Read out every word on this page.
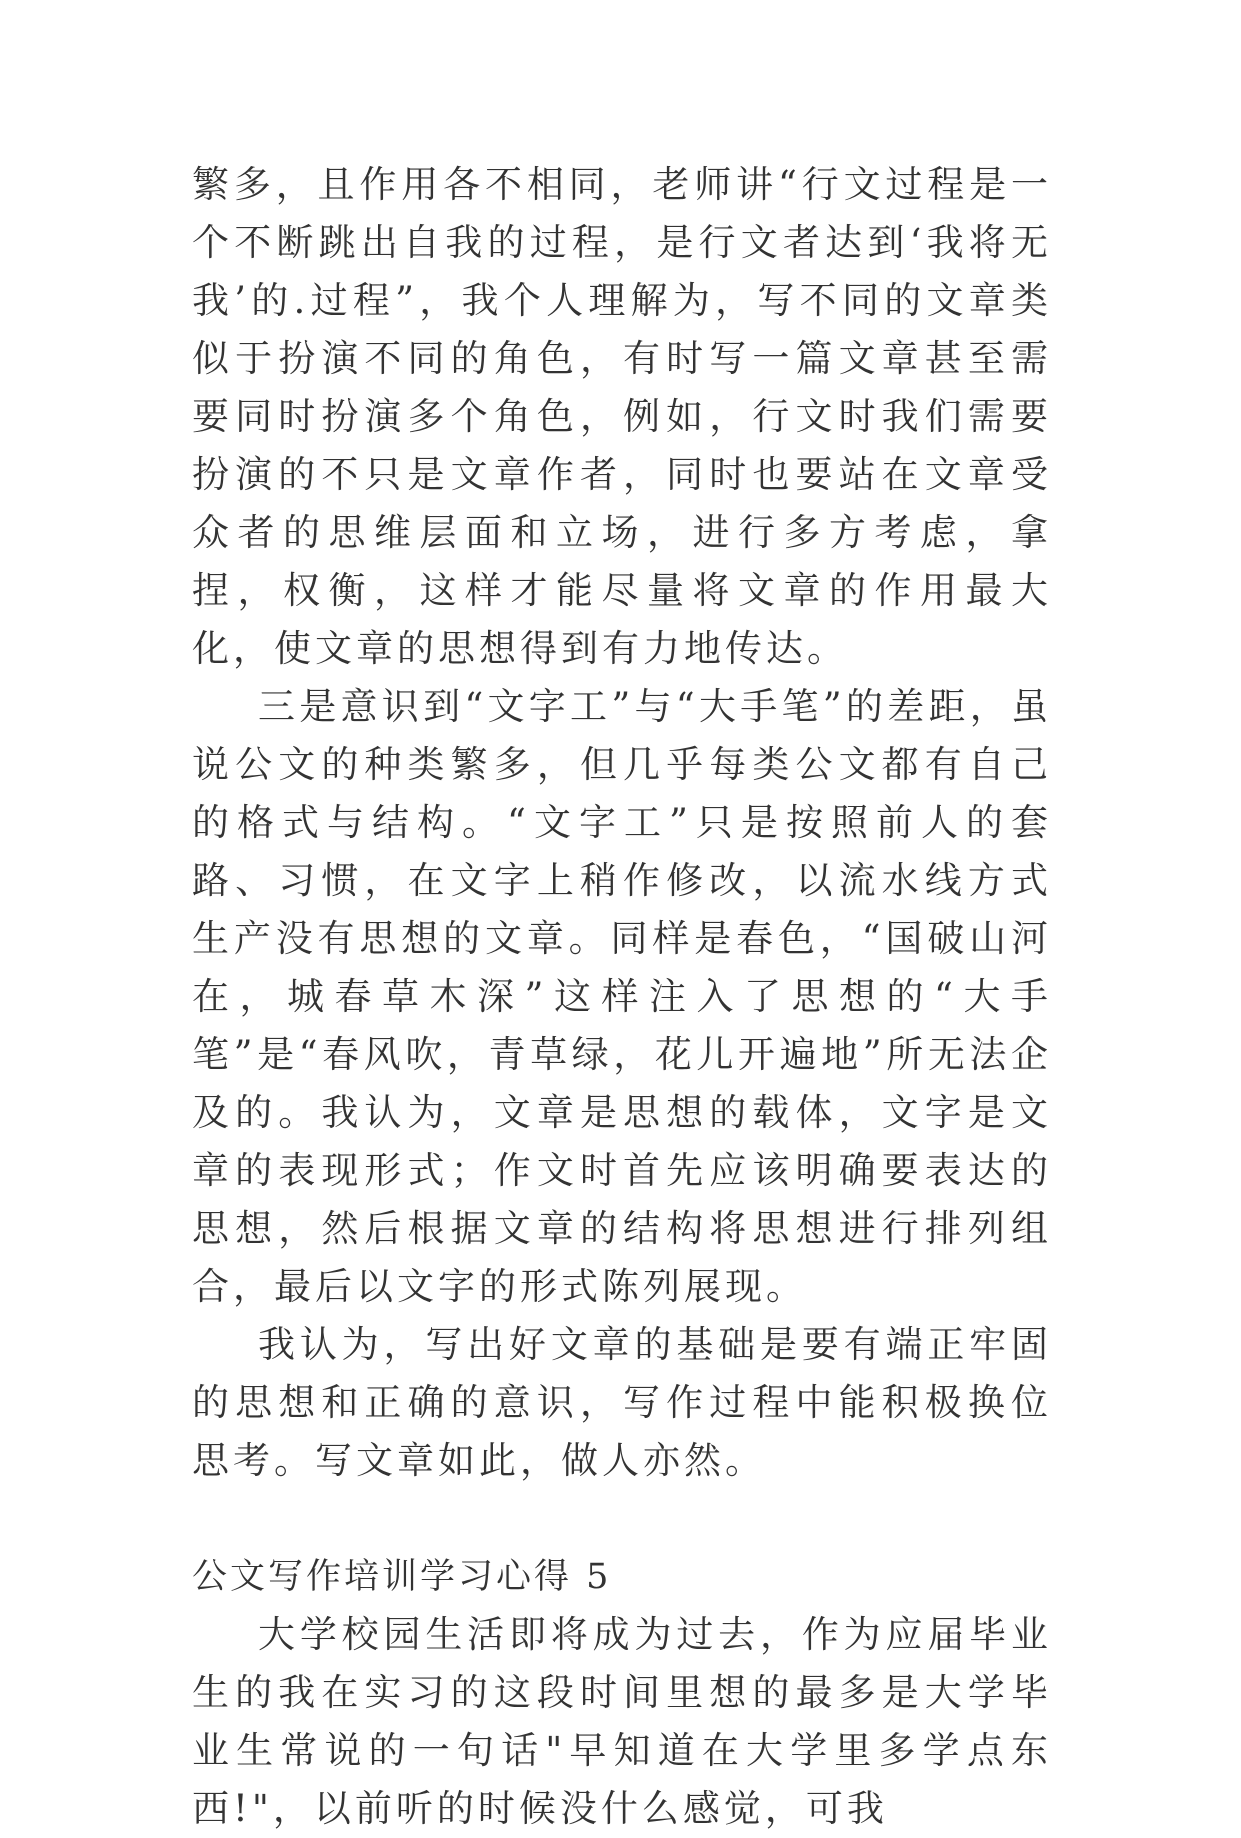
繁多，且作用各不相同，老师讲“行文过程是一个不断跳出自我的过程，是行文者达到‘我将无我’的.过程”，我个人理解为，写不同的文章类似于扮演不同的角色，有时写一篇文章甚至需要同时扮演多个角色，例如，行文时我们需要扮演的不只是文章作者，同时也要站在文章受众者的思维层面和立场，进行多方考虑，拿捏，权衡，这样才能尽量将文章的作用最大化，使文章的思想得到有力地传达。

三是意识到“文字工”与“大手笔”的差距，虽说公文的种类繁多，但几乎每类公文都有自己的格式与结构。“文字工”只是按照前人的套路、习惯，在文字上稍作修改，以流水线方式生产没有思想的文章。同样是春色，“国破山河在，城春草木深”这样注入了思想的“大手笔”是“春风吹，青草绿，花儿开遍地”所无法企及的。我认为，文章是思想的载体，文字是文章的表现形式；作文时首先应该明确要表达的思想，然后根据文章的结构将思想进行排列组合，最后以文字的形式陈列展现。

我认为，写出好文章的基础是要有端正牢固的思想和正确的意识，写作过程中能积极换位思考。写文章如此，做人亦然。

公文写作培训学习心得 5

大学校园生活即将成为过去，作为应届毕业生的我在实习的这段时间里想的最多是大学毕业生常说的一句话"早知道在大学里多学点东西!"，以前听的时候没什么感觉，可我
